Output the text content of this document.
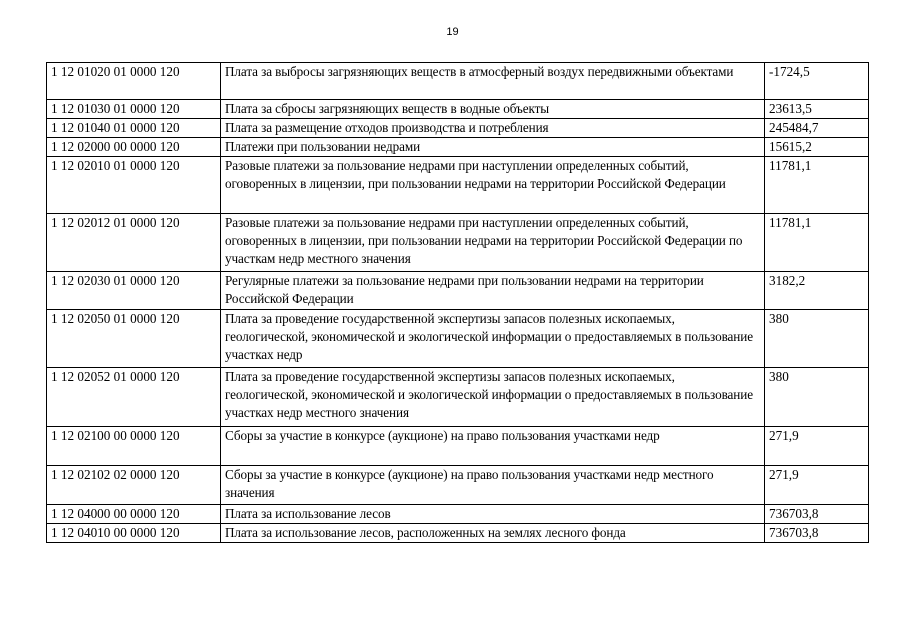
19
1 12 01020 01 0000 120	Плата за выбросы загрязняющих веществ в атмосферный воздух передвижными объектами	-1724,5
1 12 01030 01 0000 120	Плата за сбросы загрязняющих веществ в водные объекты	23613,5
1 12 01040 01 0000 120	Плата за размещение отходов производства и потребления	245484,7
1 12 02000 00 0000 120	Платежи при пользовании недрами	15615,2
1 12 02010 01 0000 120	Разовые платежи за пользование недрами при наступлении определенных событий, оговоренных в лицензии, при пользовании недрами на территории Российской Федерации	11781,1
1 12 02012 01 0000 120	Разовые платежи за пользование недрами при наступлении определенных событий, оговоренных в лицензии, при пользовании недрами на территории Российской Федерации по участкам недр местного значения	11781,1
1 12 02030 01 0000 120	Регулярные платежи за пользование недрами при пользовании недрами на территории Российской Федерации	3182,2
1 12 02050 01 0000 120	Плата за проведение государственной экспертизы запасов полезных ископаемых, геологической, экономической и экологической информации о предоставляемых в пользование участках недр	380
1 12 02052 01 0000 120	Плата за проведение государственной экспертизы запасов полезных ископаемых, геологической, экономической и экологической информации о предоставляемых в пользование участках недр местного значения	380
1 12 02100 00 0000 120	Сборы за участие в конкурсе (аукционе) на право пользования участками недр	271,9
1 12 02102 02 0000 120	Сборы за участие в конкурсе (аукционе) на право пользования участками недр местного значения	271,9
1 12 04000 00 0000 120	Плата за использование лесов	736703,8
1 12 04010 00 0000 120	Плата за использование лесов, расположенных на землях лесного фонда	736703,8
